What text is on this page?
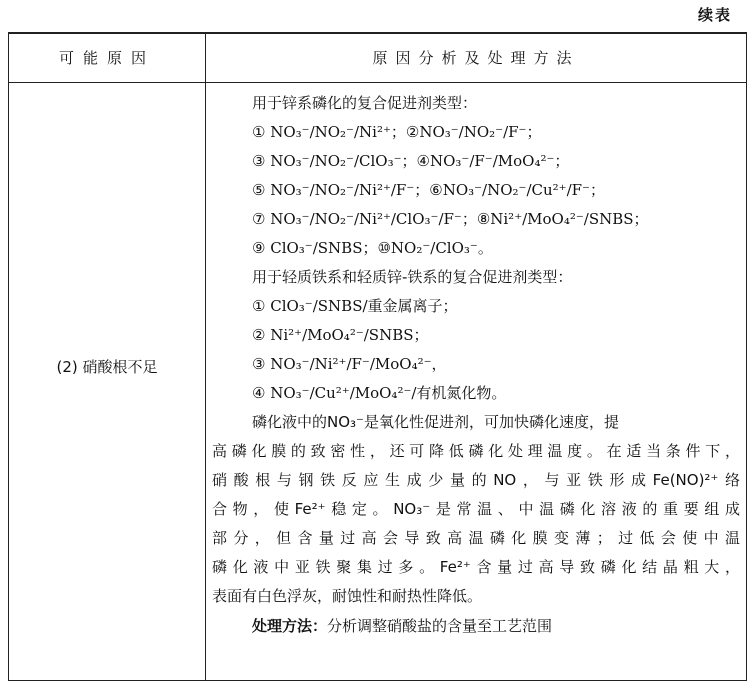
续表
可能原因	原因分析及处理方法
(2) 硝酸根不足
用于锌系磷化的复合促进剂类型：
① NO₃⁻/NO₂⁻/Ni²⁺；②NO₃⁻/NO₂⁻/F⁻；
③ NO₃⁻/NO₂⁻/ClO₃⁻；④NO₃⁻/F⁻/MoO₄²⁻；
⑤ NO₃⁻/NO₂⁻/Ni²⁺/F⁻；⑥NO₃⁻/NO₂⁻/Cu²⁺/F⁻；
⑦ NO₃⁻/NO₂⁻/Ni²⁺/ClO₃⁻/F⁻；⑧Ni²⁺/MoO₄²⁻/SNBS；
⑨ ClO₃⁻/SNBS；⑩NO₂⁻/ClO₃⁻。
用于轻质铁系和轻质锌-铁系的复合促进剂类型：
① ClO₃⁻/SNBS/重金属离子；
② Ni²⁺/MoO₄²⁻/SNBS；
③ NO₃⁻/Ni²⁺/F⁻/MoO₄²⁻，
④ NO₃⁻/Cu²⁺/MoO₄²⁻/有机氮化物。
磷化液中的NO₃⁻是氧化性促进剂，可加快磷化速度，提
高磷化膜的致密性，还可降低磷化处理温度。在适当条件下，
硝酸根与钢铁反应生成少量的NO，与亚铁形成Fe(NO)²⁺络
合物，使Fe²⁺稳定。NO₃⁻是常温、中温磷化溶液的重要组成
部分，但含量过高会导致高温磷化膜变薄；过低会使中温
磷化液中亚铁聚集过多。Fe²⁺含量过高导致磷化结晶粗大，
表面有白色浮灰，耐蚀性和耐热性降低。
处理方法：分析调整硝酸盐的含量至工艺范围
